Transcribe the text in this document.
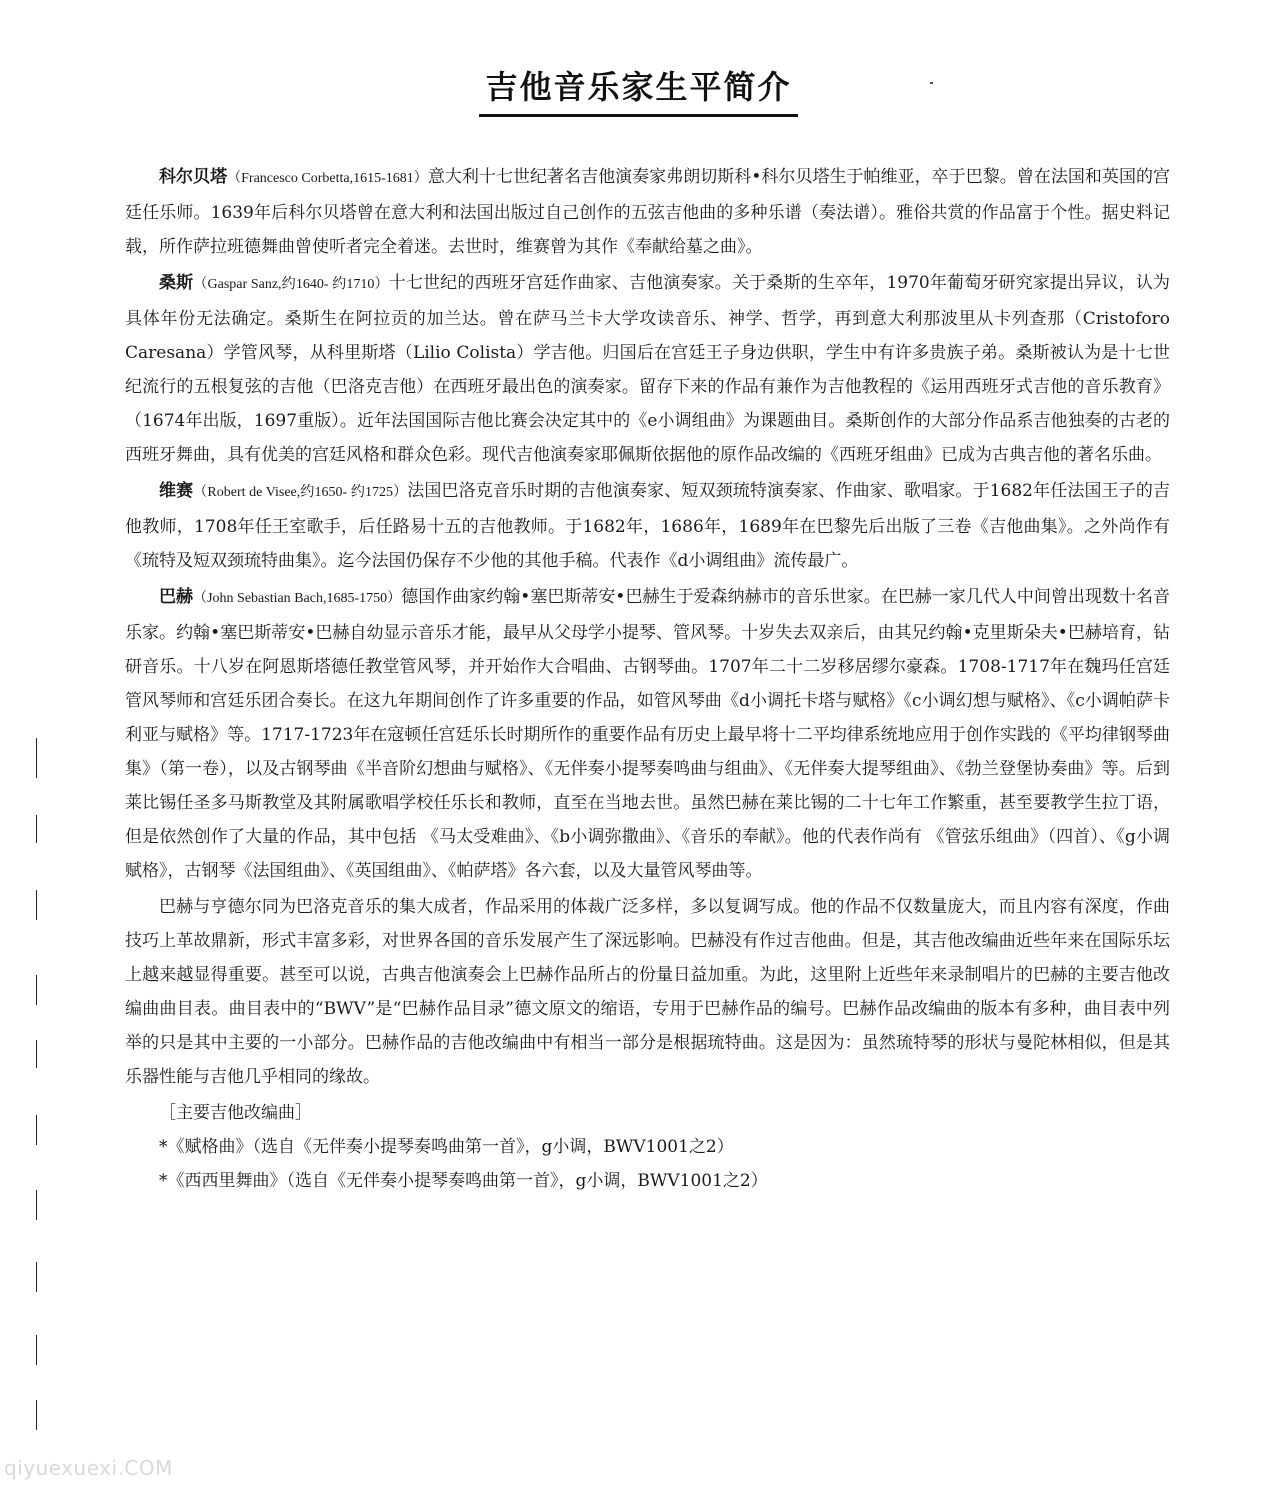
吉他音乐家生平简介

科尔贝塔（Francesco Corbetta,1615-1681）意大利十七世纪著名吉他演奏家弗朗切斯科•科尔贝塔生于帕维亚，卒于巴黎。曾在法国和英国的宫廷任乐师。1639年后科尔贝塔曾在意大利和法国出版过自己创作的五弦吉他曲的多种乐谱（奏法谱）。雅俗共赏的作品富于个性。据史料记载，所作萨拉班德舞曲曾使听者完全着迷。去世时，维赛曾为其作《奉献给墓之曲》。

桑斯（Gaspar Sanz,约1640- 约1710）十七世纪的西班牙宫廷作曲家、吉他演奏家。关于桑斯的生卒年，1970年葡萄牙研究家提出异议，认为具体年份无法确定。桑斯生在阿拉贡的加兰达。曾在萨马兰卡大学攻读音乐、神学、哲学，再到意大利那波里从卡列查那（Cristoforo Caresana）学管风琴，从科里斯塔（Lilio Colista）学吉他。归国后在宫廷王子身边供职，学生中有许多贵族子弟。桑斯被认为是十七世纪流行的五根复弦的吉他（巴洛克吉他）在西班牙最出色的演奏家。留存下来的作品有兼作为吉他教程的《运用西班牙式吉他的音乐教育》（1674年出版，1697重版）。近年法国国际吉他比赛会决定其中的《e小调组曲》为课题曲目。桑斯创作的大部分作品系吉他独奏的古老的西班牙舞曲，具有优美的宫廷风格和群众色彩。现代吉他演奏家耶佩斯依据他的原作品改编的《西班牙组曲》已成为古典吉他的著名乐曲。

维赛（Robert de Visee,约1650- 约1725）法国巴洛克音乐时期的吉他演奏家、短双颈琉特演奏家、作曲家、歌唱家。于1682年任法国王子的吉他教师，1708年任王室歌手，后任路易十五的吉他教师。于1682年，1686年，1689年在巴黎先后出版了三卷《吉他曲集》。之外尚作有《琉特及短双颈琉特曲集》。迄今法国仍保存不少他的其他手稿。代表作《d小调组曲》流传最广。

巴赫（John Sebastian Bach,1685-1750）德国作曲家约翰•塞巴斯蒂安•巴赫生于爱森纳赫市的音乐世家。在巴赫一家几代人中间曾出现数十名音乐家。约翰•塞巴斯蒂安•巴赫自幼显示音乐才能，最早从父母学小提琴、管风琴。十岁失去双亲后，由其兄约翰•克里斯朵夫•巴赫培育，钻研音乐。十八岁在阿恩斯塔德任教堂管风琴，并开始作大合唱曲、古钢琴曲。1707年二十二岁移居缪尔豪森。1708-1717年在魏玛任宫廷管风琴师和宫廷乐团合奏长。在这九年期间创作了许多重要的作品，如管风琴曲《d小调托卡塔与赋格》《c小调幻想与赋格》、《c小调帕萨卡利亚与赋格》等。1717-1723年在寇顿任宫廷乐长时期所作的重要作品有历史上最早将十二平均律系统地应用于创作实践的《平均律钢琴曲集》（第一卷），以及古钢琴曲《半音阶幻想曲与赋格》、《无伴奏小提琴奏鸣曲与组曲》、《无伴奏大提琴组曲》、《勃兰登堡协奏曲》等。后到莱比锡任圣多马斯教堂及其附属歌唱学校任乐长和教师，直至在当地去世。虽然巴赫在莱比锡的二十七年工作繁重，甚至要教学生拉丁语，但是依然创作了大量的作品，其中包括 《马太受难曲》、《b小调弥撒曲》、《音乐的奉献》。他的代表作尚有 《管弦乐组曲》（四首）、《g小调赋格》，古钢琴《法国组曲》、《英国组曲》、《帕萨塔》各六套，以及大量管风琴曲等。

巴赫与亨德尔同为巴洛克音乐的集大成者，作品采用的体裁广泛多样，多以复调写成。他的作品不仅数量庞大，而且内容有深度，作曲技巧上革故鼎新，形式丰富多彩，对世界各国的音乐发展产生了深远影响。巴赫没有作过吉他曲。但是，其吉他改编曲近些年来在国际乐坛上越来越显得重要。甚至可以说，古典吉他演奏会上巴赫作品所占的份量日益加重。为此，这里附上近些年来录制唱片的巴赫的主要吉他改编曲曲目表。曲目表中的“BWV”是“巴赫作品目录”德文原文的缩语，专用于巴赫作品的编号。巴赫作品改编曲的版本有多种，曲目表中列举的只是其中主要的一小部分。巴赫作品的吉他改编曲中有相当一部分是根据琉特曲。这是因为：虽然琉特琴的形状与曼陀林相似，但是其乐器性能与吉他几乎相同的缘故。

［主要吉他改编曲］

*《赋格曲》（选自《无伴奏小提琴奏鸣曲第一首》，g小调，BWV1001之2）

*《西西里舞曲》（选自《无伴奏小提琴奏鸣曲第一首》，g小调，BWV1001之2）

qiyuexuexi.COM
